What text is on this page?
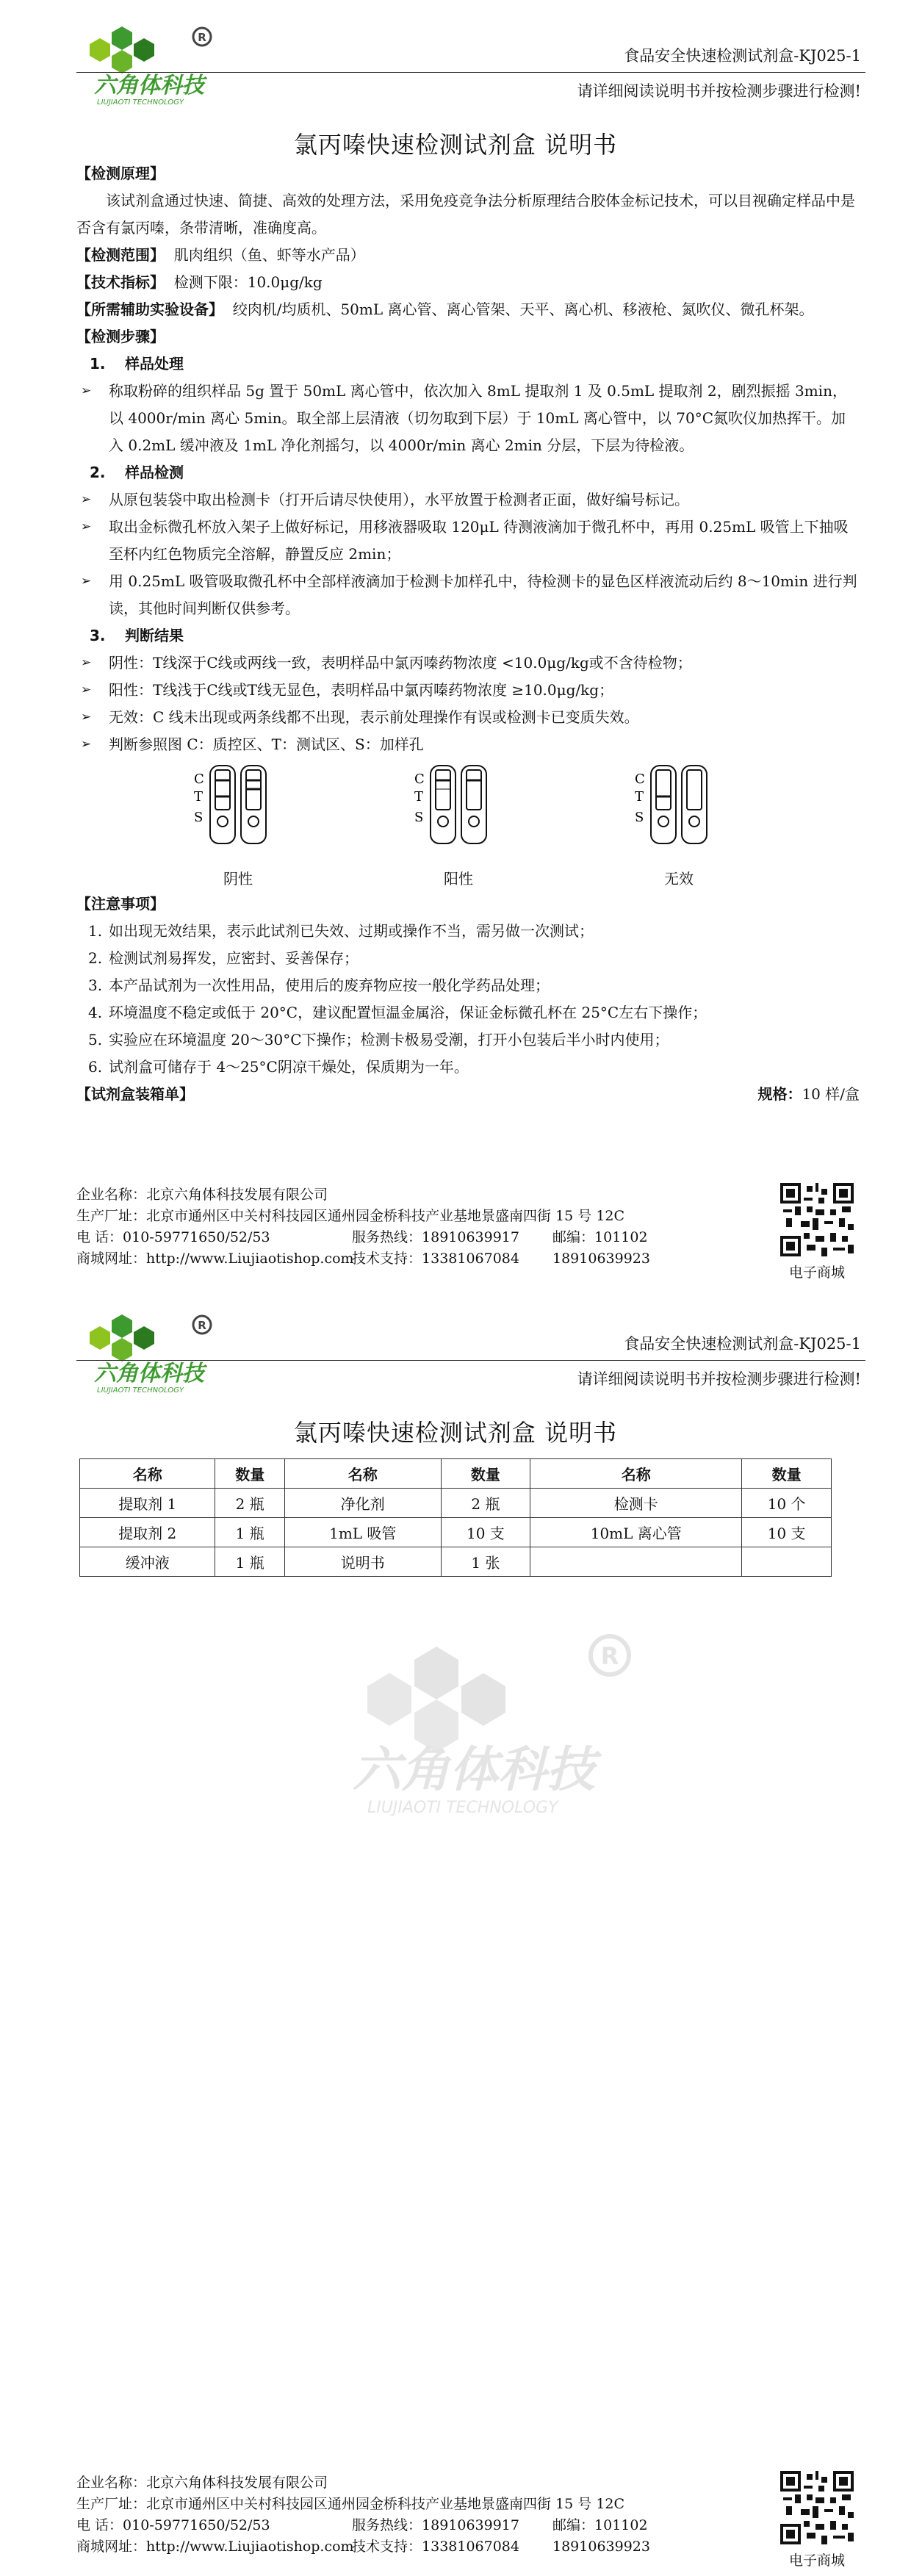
R
六角体科技
LIUJIAOTI TECHNOLOGY
食品安全快速检测试剂盒-KJ025-1
请详细阅读说明书并按检测步骤进行检测!
氯丙嗪快速检测试剂盒 说明书
【检测原理】
该试剂盒通过快速、简捷、高效的处理方法，采用免疫竞争法分析原理结合胶体金标记技术，可以目视确定样品中是否含有氯丙嗪，条带清晰，准确度高。
【检测范围】 肌肉组织（鱼、虾等水产品）
【技术指标】 检测下限：10.0μg/kg
【所需辅助实验设备】 绞肉机/均质机、50mL 离心管、离心管架、天平、离心机、移液枪、氮吹仪、微孔杯架。
【检测步骤】
1. 样品处理
➢ 称取粉碎的组织样品 5g 置于 50mL 离心管中，依次加入 8mL 提取剂 1 及 0.5mL 提取剂 2，剧烈振摇 3min，以 4000r/min 离心 5min。取全部上层清液（切勿取到下层）于 10mL 离心管中，以 70°C氮吹仪加热挥干。加入 0.2mL 缓冲液及 1mL 净化剂摇匀，以 4000r/min 离心 2min 分层，下层为待检液。
2. 样品检测
➢ 从原包装袋中取出检测卡（打开后请尽快使用），水平放置于检测者正面，做好编号标记。
➢ 取出金标微孔杯放入架子上做好标记，用移液器吸取 120μL 待测液滴加于微孔杯中，再用 0.25mL 吸管上下抽吸至杯内红色物质完全溶解，静置反应 2min；
➢ 用 0.25mL 吸管吸取微孔杯中全部样液滴加于检测卡加样孔中，待检测卡的显色区样液流动后约 8～10min 进行判读，其他时间判断仅供参考。
3. 判断结果
➢ 阴性：T线深于C线或两线一致，表明样品中氯丙嗪药物浓度 <10.0μg/kg或不含待检物；
➢ 阳性：T线浅于C线或T线无显色，表明样品中氯丙嗪药物浓度 ≥10.0μg/kg；
➢ 无效：C 线未出现或两条线都不出现，表示前处理操作有误或检测卡已变质失效。
➢ 判断参照图 C：质控区、T：测试区、S：加样孔
C
T
S
阴性
C
T
S
阳性
C
T
S
无效
【注意事项】
1. 如出现无效结果，表示此试剂已失效、过期或操作不当，需另做一次测试；
2. 检测试剂易挥发，应密封、妥善保存；
3. 本产品试剂为一次性用品，使用后的废弃物应按一般化学药品处理；
4. 环境温度不稳定或低于 20°C，建议配置恒温金属浴，保证金标微孔杯在 25°C左右下操作；
5. 实验应在环境温度 20～30°C下操作；检测卡极易受潮，打开小包装后半小时内使用；
6. 试剂盒可储存于 4～25°C阴凉干燥处，保质期为一年。
【试剂盒装箱单】	规格：10 样/盒
企业名称：北京六角体科技发展有限公司
生产厂址：北京市通州区中关村科技园区通州园金桥科技产业基地景盛南四街 15 号 12C
电 话：010-59771650/52/53	服务热线：18910639917 邮编：101102
商城网址：http://www.Liujiaotishop.com
技术支持：13381067084 18910639923
电子商城
R
六角体科技
LIUJIAOTI TECHNOLOGY
食品安全快速检测试剂盒-KJ025-1
请详细阅读说明书并按检测步骤进行检测!
氯丙嗪快速检测试剂盒 说明书
名称	数量	名称	数量	名称	数量
提取剂 1	2 瓶	净化剂	2 瓶	检测卡	10 个
提取剂 2	1 瓶	1mL 吸管	10 支	10mL 离心管	10 支
缓冲液	1 瓶	说明书	1 张		
R
六角体科技
LIUJIAOTI TECHNOLOGY
企业名称：北京六角体科技发展有限公司
生产厂址：北京市通州区中关村科技园区通州园金桥科技产业基地景盛南四街 15 号 12C
电 话：010-59771650/52/53	服务热线：18910639917 邮编：101102
商城网址：http://www.Liujiaotishop.com
技术支持：13381067084 18910639923
电子商城
